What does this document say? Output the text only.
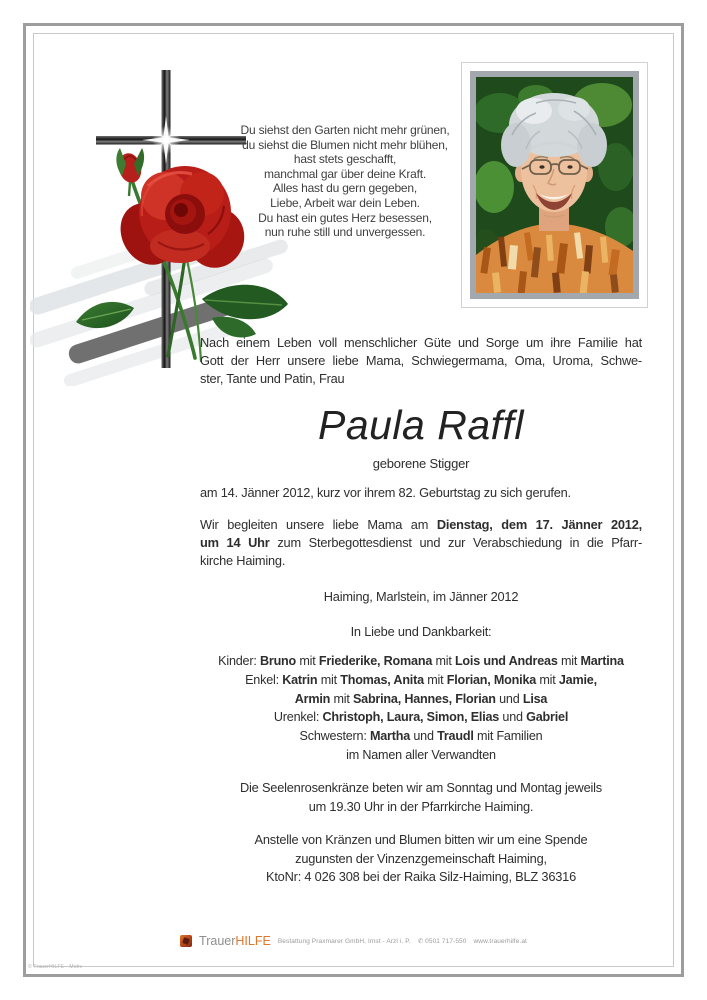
Du siehst den Garten nicht mehr grünen,
du siehst die Blumen nicht mehr blühen,
hast stets geschafft,
manchmal gar über deine Kraft.
Alles hast du gern gegeben,
Liebe, Arbeit war dein Leben.
Du hast ein gutes Herz besessen,
nun ruhe still und unvergessen.
Nach einem Leben voll menschlicher Güte und Sorge um ihre Familie hat
Gott der Herr unsere liebe Mama, Schwiegermama, Oma, Uroma, Schwe-
ster, Tante und Patin, Frau
Paula Raffl
geborene Stigger
am 14. Jänner 2012, kurz vor ihrem 82. Geburtstag zu sich gerufen.
Wir begleiten unsere liebe Mama am Dienstag, dem 17. Jänner 2012,
um 14 Uhr zum Sterbegottesdienst und zur Verabschiedung in die Pfarr-
kirche Haiming.
Haiming, Marlstein, im Jänner 2012
In Liebe und Dankbarkeit:
Kinder: Bruno mit Friederike, Romana mit Lois und Andreas mit Martina
Enkel: Katrin mit Thomas, Anita mit Florian, Monika mit Jamie,
Armin mit Sabrina, Hannes, Florian und Lisa
Urenkel: Christoph, Laura, Simon, Elias und Gabriel
Schwestern: Martha und Traudl mit Familien
im Namen aller Verwandten
Die Seelenrosenkränze beten wir am Sonntag und Montag jeweils
um 19.30 Uhr in der Pfarrkirche Haiming.
Anstelle von Kränzen und Blumen bitten wir um eine Spende
zugunsten der Vinzenzgemeinschaft Haiming,
KtoNr: 4 026 308 bei der Raika Silz-Haiming, BLZ 36316
TrauerHILFE Bestattung Praxmarer GmbH, Imst - Arzl i. P. ✆ 0501 717-550 www.trauerhilfe.at
© TrauerHILFE · Motiv
